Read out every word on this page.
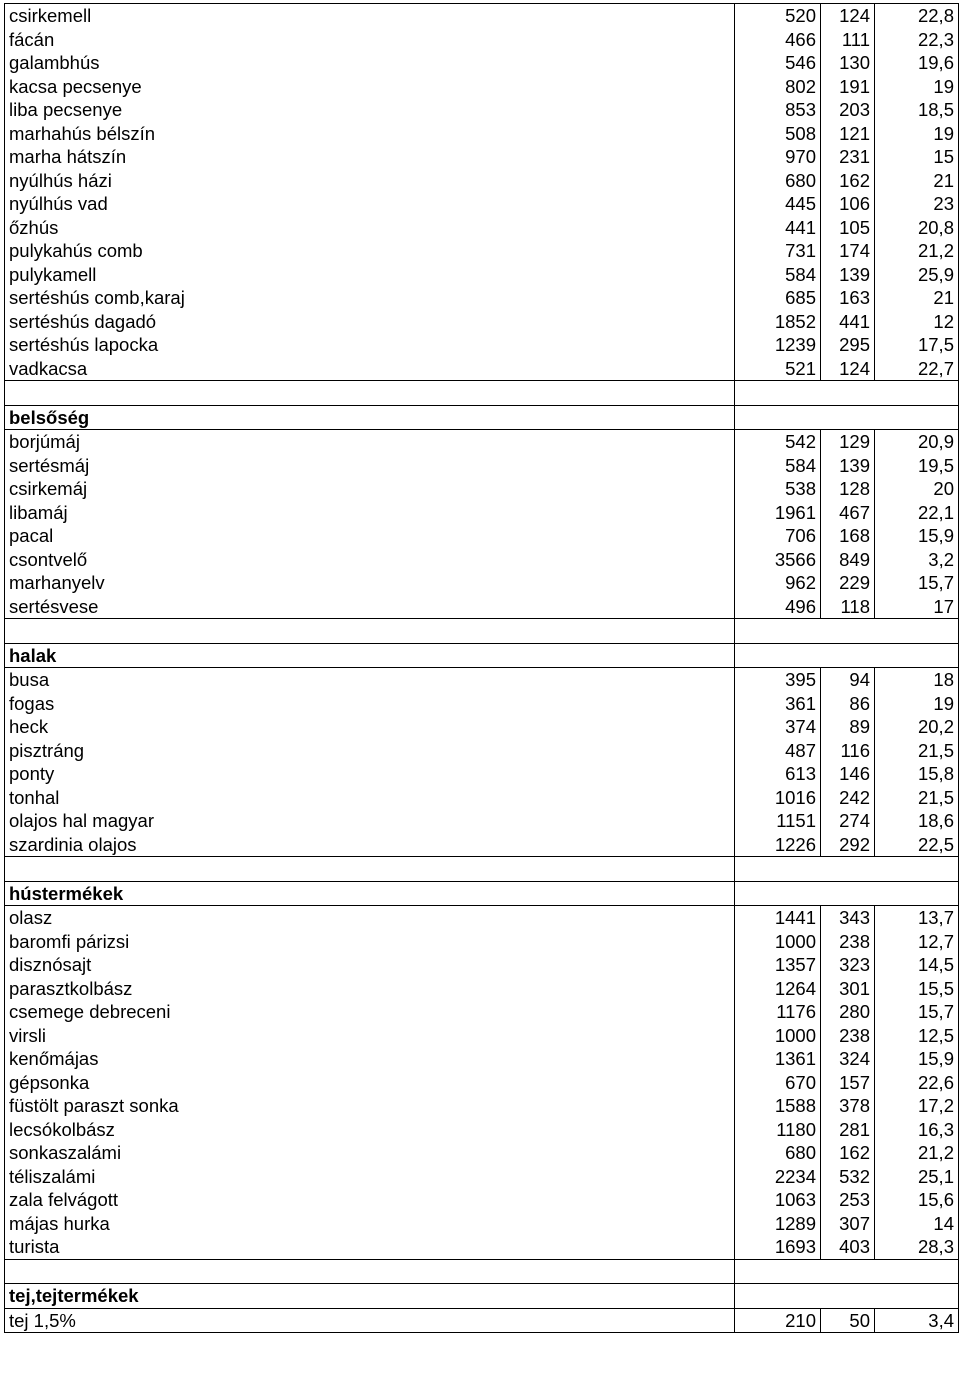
csirkemell	520	124	22,8
fácán	466	111	22,3
galambhús	546	130	19,6
kacsa pecsenye	802	191	19
liba pecsenye	853	203	18,5
marhahús bélszín	508	121	19
marha hátszín	970	231	15
nyúlhús házi	680	162	21
nyúlhús vad	445	106	23
őzhús	441	105	20,8
pulykahús comb	731	174	21,2
pulykamell	584	139	25,9
sertéshús comb,karaj	685	163	21
sertéshús dagadó	1852	441	12
sertéshús lapocka	1239	295	17,5
vadkacsa	521	124	22,7

belsőség			
borjúmáj	542	129	20,9
sertésmáj	584	139	19,5
csirkemáj	538	128	20
libamáj	1961	467	22,1
pacal	706	168	15,9
csontvelő	3566	849	3,2
marhanyelv	962	229	15,7
sertésvese	496	118	17

halak			
busa	395	94	18
fogas	361	86	19
heck	374	89	20,2
pisztráng	487	116	21,5
ponty	613	146	15,8
tonhal	1016	242	21,5
olajos hal magyar	1151	274	18,6
szardinia olajos	1226	292	22,5

hústermékek			
olasz	1441	343	13,7
baromfi párizsi	1000	238	12,7
disznósajt	1357	323	14,5
parasztkolbász	1264	301	15,5
csemege debreceni	1176	280	15,7
virsli	1000	238	12,5
kenőmájas	1361	324	15,9
gépsonka	670	157	22,6
füstölt paraszt sonka	1588	378	17,2
lecsókolbász	1180	281	16,3
sonkaszalámi	680	162	21,2
téliszalámi	2234	532	25,1
zala felvágott	1063	253	15,6
májas hurka	1289	307	14
turista	1693	403	28,3

tej,tejtermékek			
tej 1,5%	210	50	3,4
